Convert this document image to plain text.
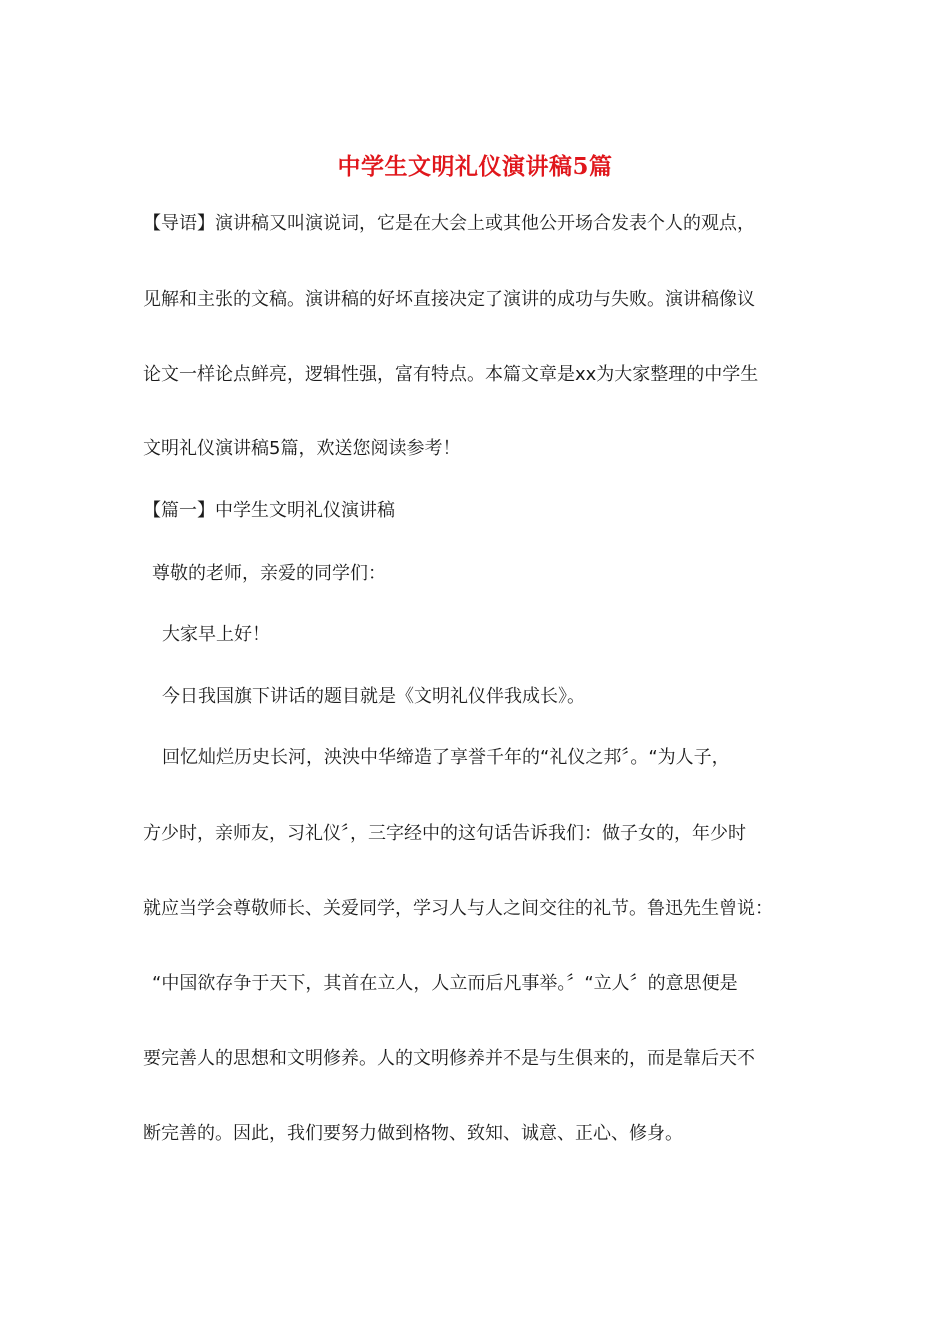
中学生文明礼仪演讲稿5篇
【导语】演讲稿又叫演说词，它是在大会上或其他公开场合发表个人的观点，
见解和主张的文稿。演讲稿的好坏直接决定了演讲的成功与失败。演讲稿像议
论文一样论点鲜亮，逻辑性强，富有特点。本篇文章是xx为大家整理的中学生
文明礼仪演讲稿5篇，欢送您阅读参考！
【篇一】中学生文明礼仪演讲稿
尊敬的老师，亲爱的同学们：
大家早上好！
今日我国旗下讲话的题目就是《文明礼仪伴我成长》。
回忆灿烂历史长河，泱泱中华缔造了享誉千年的“礼仪之邦〞。“为人子，
方少时，亲师友，习礼仪〞，三字经中的这句话告诉我们：做子女的，年少时
就应当学会尊敬师长、关爱同学，学习人与人之间交往的礼节。鲁迅先生曾说：
“中国欲存争于天下，其首在立人，人立而后凡事举。〞“立人〞的意思便是
要完善人的思想和文明修养。人的文明修养并不是与生俱来的，而是靠后天不
断完善的。因此，我们要努力做到格物、致知、诚意、正心、修身。
